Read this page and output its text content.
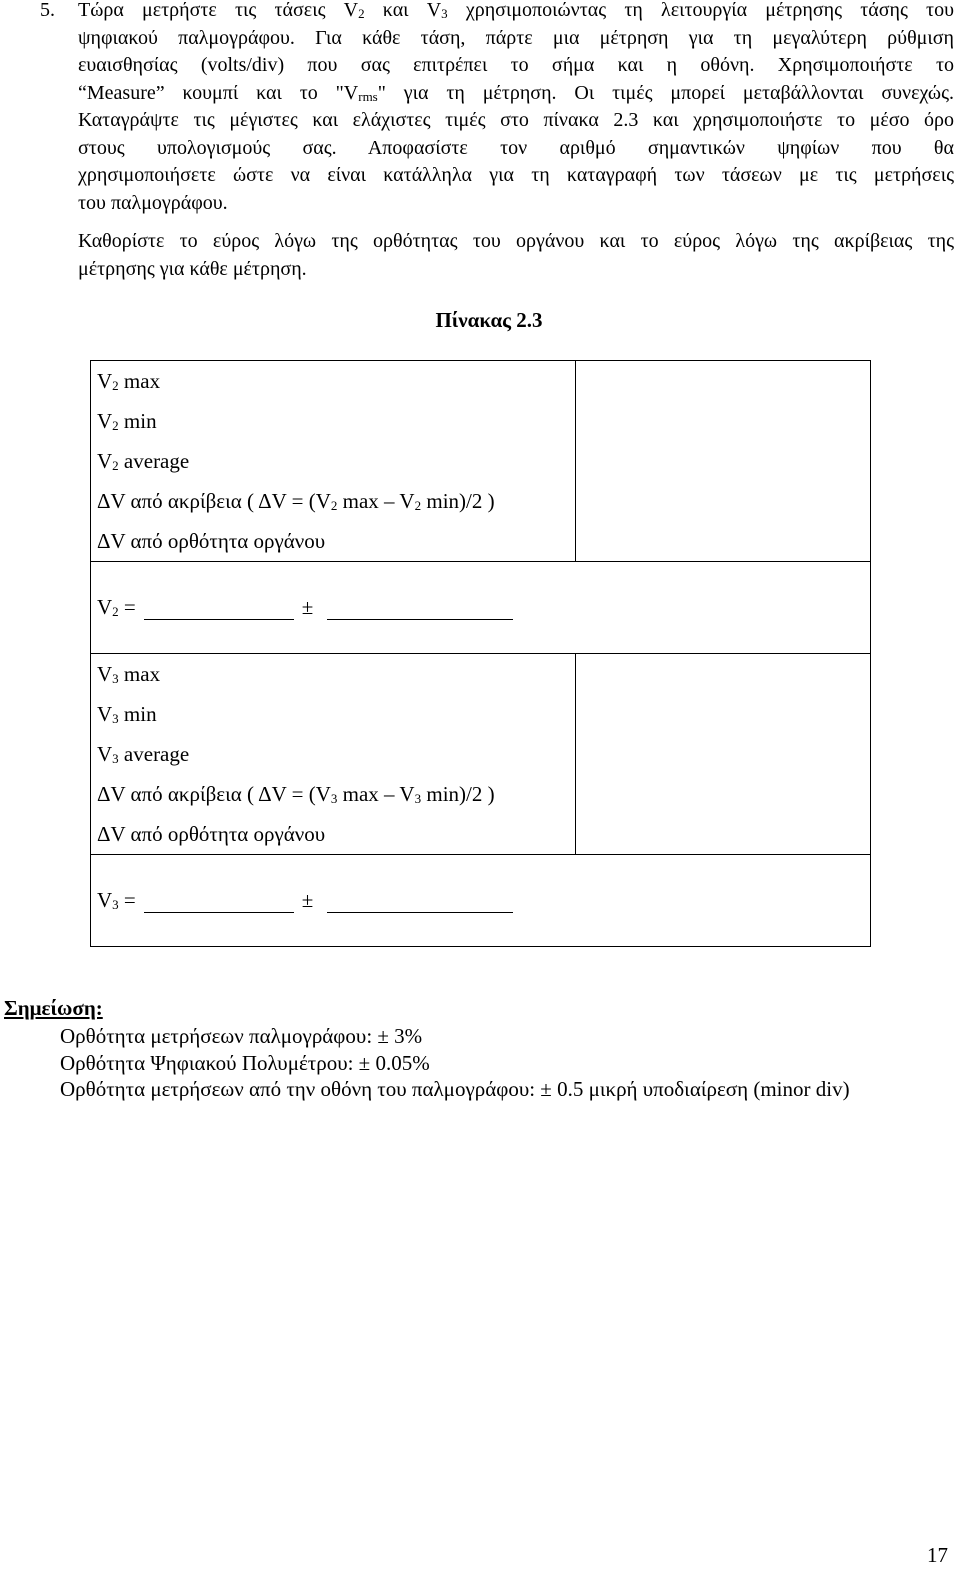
5. Τώρα μετρήστε τις τάσεις $V_2$ και $V_3$ χρησιμοποιώντας τη λειτουργία μέτρησης τάσης του

ψηφιακού παλμογράφου. Για κάθε τάση, πάρτε μια μέτρηση για τη μεγαλύτερη ρύθμιση

ευαισθησίας (volts/div) που σας επιτρέπει το σήμα και η οθόνη. Χρησιμοποιήστε το

“Measure” κουμπί και το "$V_{rms}$" για τη μέτρηση. Οι τιμές μπορεί μεταβάλλονται συνεχώς.

Καταγράψτε τις μέγιστες και ελάχιστες τιμές στο πίνακα 2.3 και χρησιμοποιήστε το μέσο όρο

στους υπολογισμούς σας. Αποφασίστε τον αριθμό σημαντικών ψηφίων που θα

χρησιμοποιήσετε ώστε να είναι κατάλληλα για τη καταγραφή των τάσεων με τις μετρήσεις

του παλμογράφου.

Καθορίστε το εύρος λόγω της ορθότητας του οργάνου και το εύρος λόγω της ακρίβειας της

μέτρησης για κάθε μέτρηση.

Πίνακας 2.3
$V_2$ max
$V_2$ min
$V_2$ average
ΔV από ακρίβεια ( $\Delta V = (V_2$ max – $V_2$ min)/2 )
ΔV από ορθότητα οργάνου	

$V_2$ = ±	

$V_3$ max
$V_3$ min
$V_3$ average
ΔV από ακρίβεια ( $\Delta V = (V_3$ max – $V_3$ min)/2 )
ΔV από ορθότητα οργάνου	

$V_3$ = ±	
Σημείωση:
Ορθότητα μετρήσεων παλμογράφου: ± 3%
Ορθότητα Ψηφιακού Πολυμέτρου: ± 0.05%
Ορθότητα μετρήσεων από την οθόνη του παλμογράφου: ± 0.5 μικρή υποδιαίρεση (minor div)
17
